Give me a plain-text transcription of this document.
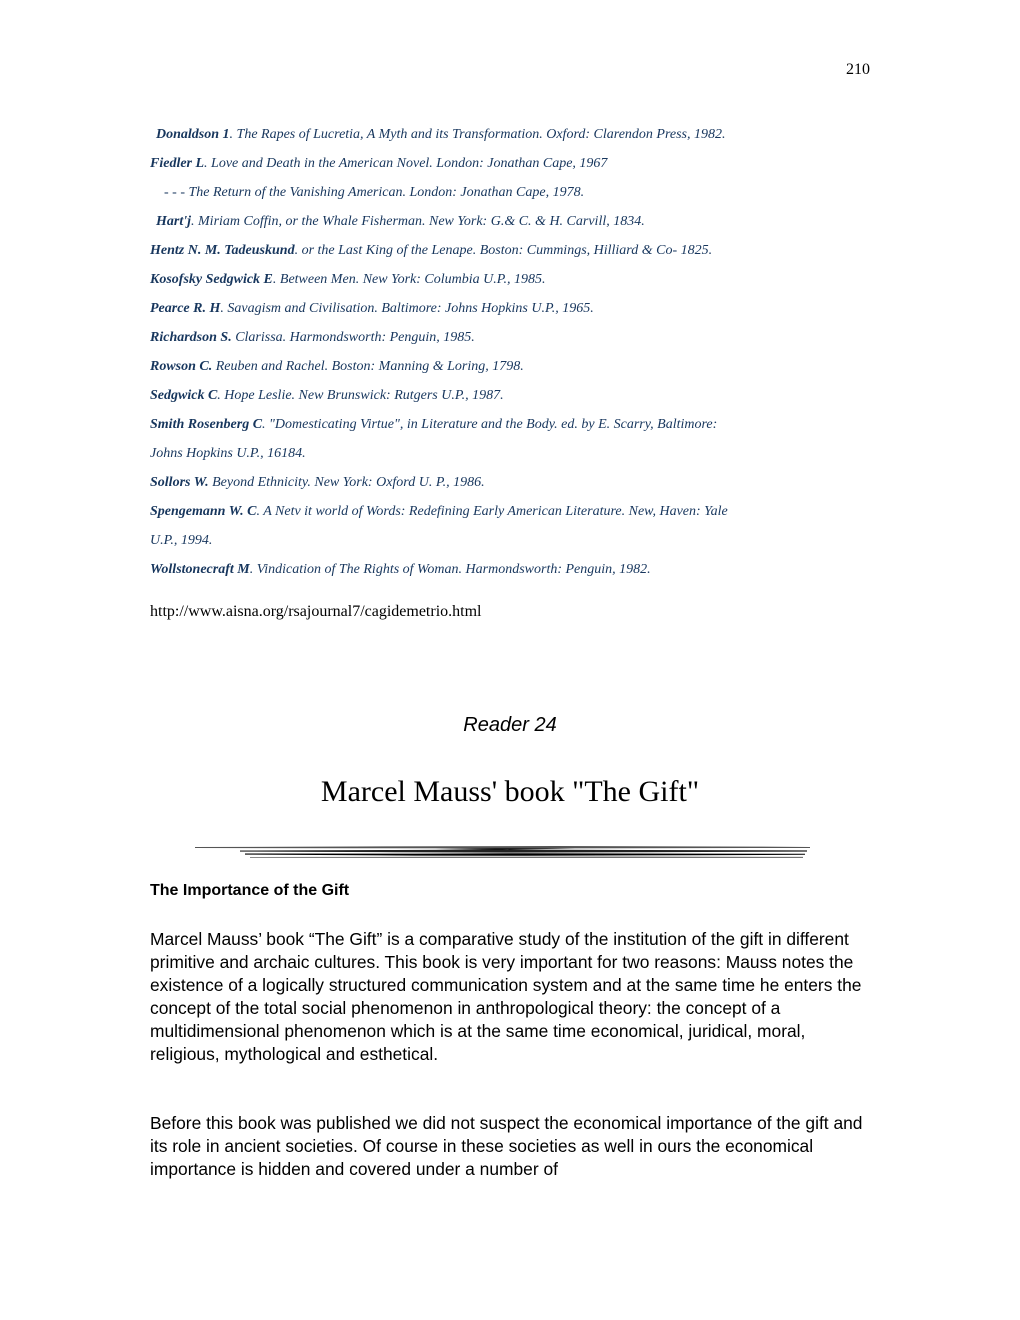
210

Donaldson 1. The Rapes of Lucretia, A Myth and its Transformation. Oxford: Clarendon Press, 1982.

Fiedler L. Love and Death in the American Novel. London: Jonathan Cape, 1967

- - - The Return of the Vanishing American. London: Jonathan Cape, 1978.

Hart'j. Miriam Coffin, or the Whale Fisherman. New York: G.& C. & H. Carvill, 1834.

Hentz N. M. Tadeuskund. or the Last King of the Lenape. Boston: Cummings, Hilliard & Co- 1825.

Kosofsky Sedgwick E. Between Men. New York: Columbia U.P., 1985.

Pearce R. H. Savagism and Civilisation. Baltimore: Johns Hopkins U.P., 1965.

Richardson S. Clarissa. Harmondsworth: Penguin, 1985.

Rowson C. Reuben and Rachel. Boston: Manning & Loring, 1798.

Sedgwick C. Hope Leslie. New Brunswick: Rutgers U.P., 1987.

Smith Rosenberg C. "Domesticating Virtue", in Literature and the Body. ed. by E. Scarry, Baltimore:

Johns Hopkins U.P., 16184.

Sollors W. Beyond Ethnicity. New York: Oxford U. P., 1986.

Spengemann W. C. A Netv it world of Words: Redefining Early American Literature. New, Haven: Yale

U.P., 1994.

Wollstonecraft M. Vindication of The Rights of Woman. Harmondsworth: Penguin, 1982.

http://www.aisna.org/rsajournal7/cagidemetrio.html
Reader 24
Marcel Mauss' book "The Gift"
The Importance of the Gift

Marcel Mauss’ book “The Gift” is a comparative study of the institution of the gift in different primitive and archaic cultures. This book is very important for two reasons: Mauss notes the existence of a logically structured communication system and at the same time he enters the concept of the total social phenomenon in anthropological theory: the concept of a multidimensional phenomenon which is at the same time economical, juridical, moral, religious, mythological and esthetical.

Before this book was published we did not suspect the economical importance of the gift and its role in ancient societies. Of course in these societies as well in ours the economical importance is hidden and covered under a number of
